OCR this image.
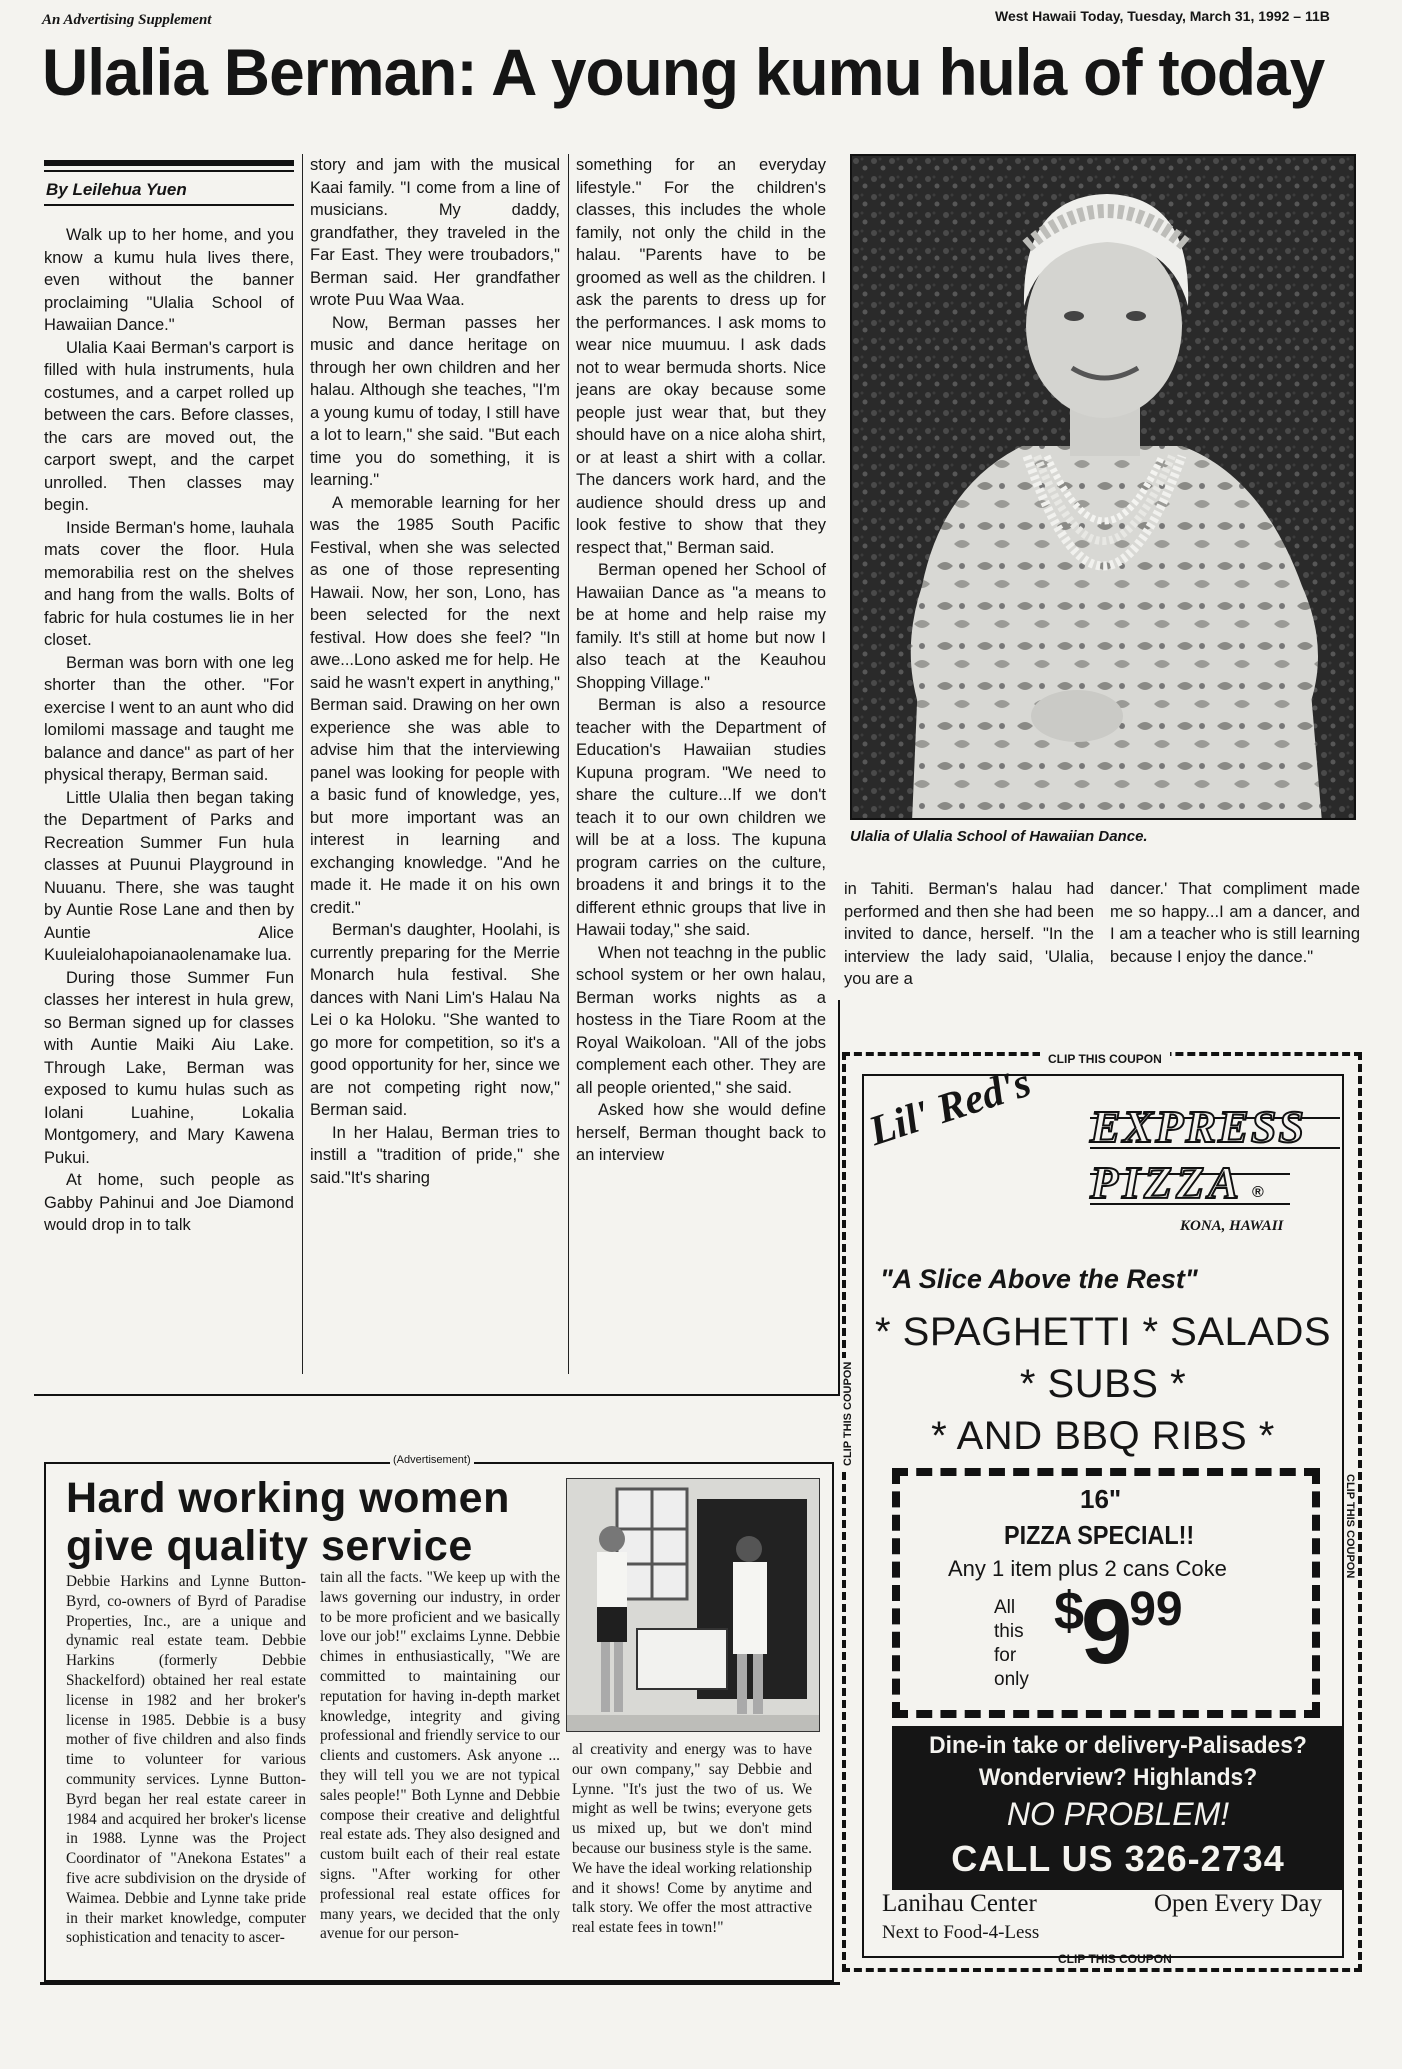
An Advertising Supplement	West Hawaii Today, Tuesday, March 31, 1992 – 11B
Ulalia Berman: A young kumu hula of today
By Leilehua Yuen

Walk up to her home, and you know a kumu hula lives there, even without the banner proclaiming "Ulalia School of Hawaiian Dance."

Ulalia Kaai Berman's carport is filled with hula instruments, hula costumes, and a carpet rolled up between the cars. Before classes, the cars are moved out, the carport swept, and the carpet unrolled. Then classes may begin.

Inside Berman's home, lauhala mats cover the floor. Hula memorabilia rest on the shelves and hang from the walls. Bolts of fabric for hula costumes lie in her closet.

Berman was born with one leg shorter than the other. "For exercise I went to an aunt who did lomilomi massage and taught me balance and dance" as part of her physical therapy, Berman said.

Little Ulalia then began taking the Department of Parks and Recreation Summer Fun hula classes at Puunui Playground in Nuuanu. There, she was taught by Auntie Rose Lane and then by Auntie Alice Kuuleialohapoianaolenamake lua.

During those Summer Fun classes her interest in hula grew, so Berman signed up for classes with Auntie Maiki Aiu Lake. Through Lake, Berman was exposed to kumu hulas such as Iolani Luahine, Lokalia Montgomery, and Mary Kawena Pukui.

At home, such people as Gabby Pahinui and Joe Diamond would drop in to talk

story and jam with the musical Kaai family. "I come from a line of musicians. My daddy, grandfather, they traveled in the Far East. They were troubadors," Berman said. Her grandfather wrote Puu Waa Waa.

Now, Berman passes her music and dance heritage on through her own children and her halau. Although she teaches, "I'm a young kumu of today, I still have a lot to learn," she said. "But each time you do something, it is learning."

A memorable learning for her was the 1985 South Pacific Festival, when she was selected as one of those representing Hawaii. Now, her son, Lono, has been selected for the next festival. How does she feel? "In awe...Lono asked me for help. He said he wasn't expert in anything," Berman said. Drawing on her own experience she was able to advise him that the interviewing panel was looking for people with a basic fund of knowledge, yes, but more important was an interest in learning and exchanging knowledge. "And he made it. He made it on his own credit."

Berman's daughter, Hoolahi, is currently preparing for the Merrie Monarch hula festival. She dances with Nani Lim's Halau Na Lei o ka Holoku. "She wanted to go more for competition, so it's a good opportunity for her, since we are not competing right now," Berman said.

In her Halau, Berman tries to instill a "tradition of pride," she said."It's sharing

something for an everyday lifestyle." For the children's classes, this includes the whole family, not only the child in the halau. "Parents have to be groomed as well as the children. I ask the parents to dress up for the performances. I ask moms to wear nice muumuu. I ask dads not to wear bermuda shorts. Nice jeans are okay because some people just wear that, but they should have on a nice aloha shirt, or at least a shirt with a collar. The dancers work hard, and the audience should dress up and look festive to show that they respect that," Berman said.

Berman opened her School of Hawaiian Dance as "a means to be at home and help raise my family. It's still at home but now I also teach at the Keauhou Shopping Village."

Berman is also a resource teacher with the Department of Education's Hawaiian studies Kupuna program. "We need to share the culture...If we don't teach it to our own children we will be at a loss. The kupuna program carries on the culture, broadens it and brings it to the different ethnic groups that live in Hawaii today," she said.

When not teachng in the public school system or her own halau, Berman works nights as a hostess in the Tiare Room at the Royal Waikoloan. "All of the jobs complement each other. They are all people oriented," she said.

Asked how she would define herself, Berman thought back to an interview

Ulalia of Ulalia School of Hawaiian Dance.

in Tahiti. Berman's halau had performed and then she had been invited to dance, herself. "In the interview the lady said, 'Ulalia, you are a

dancer.' That compliment made me so happy...I am a dancer, and I am a teacher who is still learning because I enjoy the dance."

CLIP THIS COUPON
CLIP THIS COUPON
CLIP THIS COUPON
CLIP THIS COUPON
Lil' Red's EXPRESS
PIZZA ®
KONA, HAWAII
"A Slice Above the Rest"
* SPAGHETTI * SALADS
* SUBS *
* AND BBQ RIBS *
16"
PIZZA SPECIAL!!
Any 1 item plus 2 cans Coke
All
this
for
only
$^{\$}9^{99}$
Dine-in take or delivery-Palisades?
Wonderview? Highlands?
NO PROBLEM!
CALL US 326-2734
Lanihau Center
Next to Food-4-Less
Open Every Day
(Advertisement)
Hard working women give quality service
Debbie Harkins and Lynne Button-Byrd, co-owners of Byrd of Paradise Properties, Inc., are a unique and dynamic real estate team. Debbie Harkins (formerly Debbie Shackelford) obtained her real estate license in 1982 and her broker's license in 1985. Debbie is a busy mother of five children and also finds time to volunteer for various community services. Lynne Button-Byrd began her real estate career in 1984 and acquired her broker's license in 1988. Lynne was the Project Coordinator of "Anekona Estates" a five acre subdivision on the dryside of Waimea. Debbie and Lynne take pride in their market knowledge, computer sophistication and tenacity to ascer-
tain all the facts. "We keep up with the laws governing our industry, in order to be more proficient and we basically love our job!" exclaims Lynne. Debbie chimes in enthusiastically, "We are committed to maintaining our reputation for having in-depth market knowledge, integrity and giving professional and friendly service to our clients and customers. Ask anyone ... they will tell you we are not typical sales people!" Both Lynne and Debbie compose their creative and delightful real estate ads. They also designed and custom built each of their real estate signs. "After working for other professional real estate offices for many years, we decided that the only avenue for our person-
al creativity and energy was to have our own company," say Debbie and Lynne. "It's just the two of us. We might as well be twins; everyone gets us mixed up, but we don't mind because our business style is the same. We have the ideal working relationship and it shows! Come by anytime and talk story. We offer the most attractive real estate fees in town!"
